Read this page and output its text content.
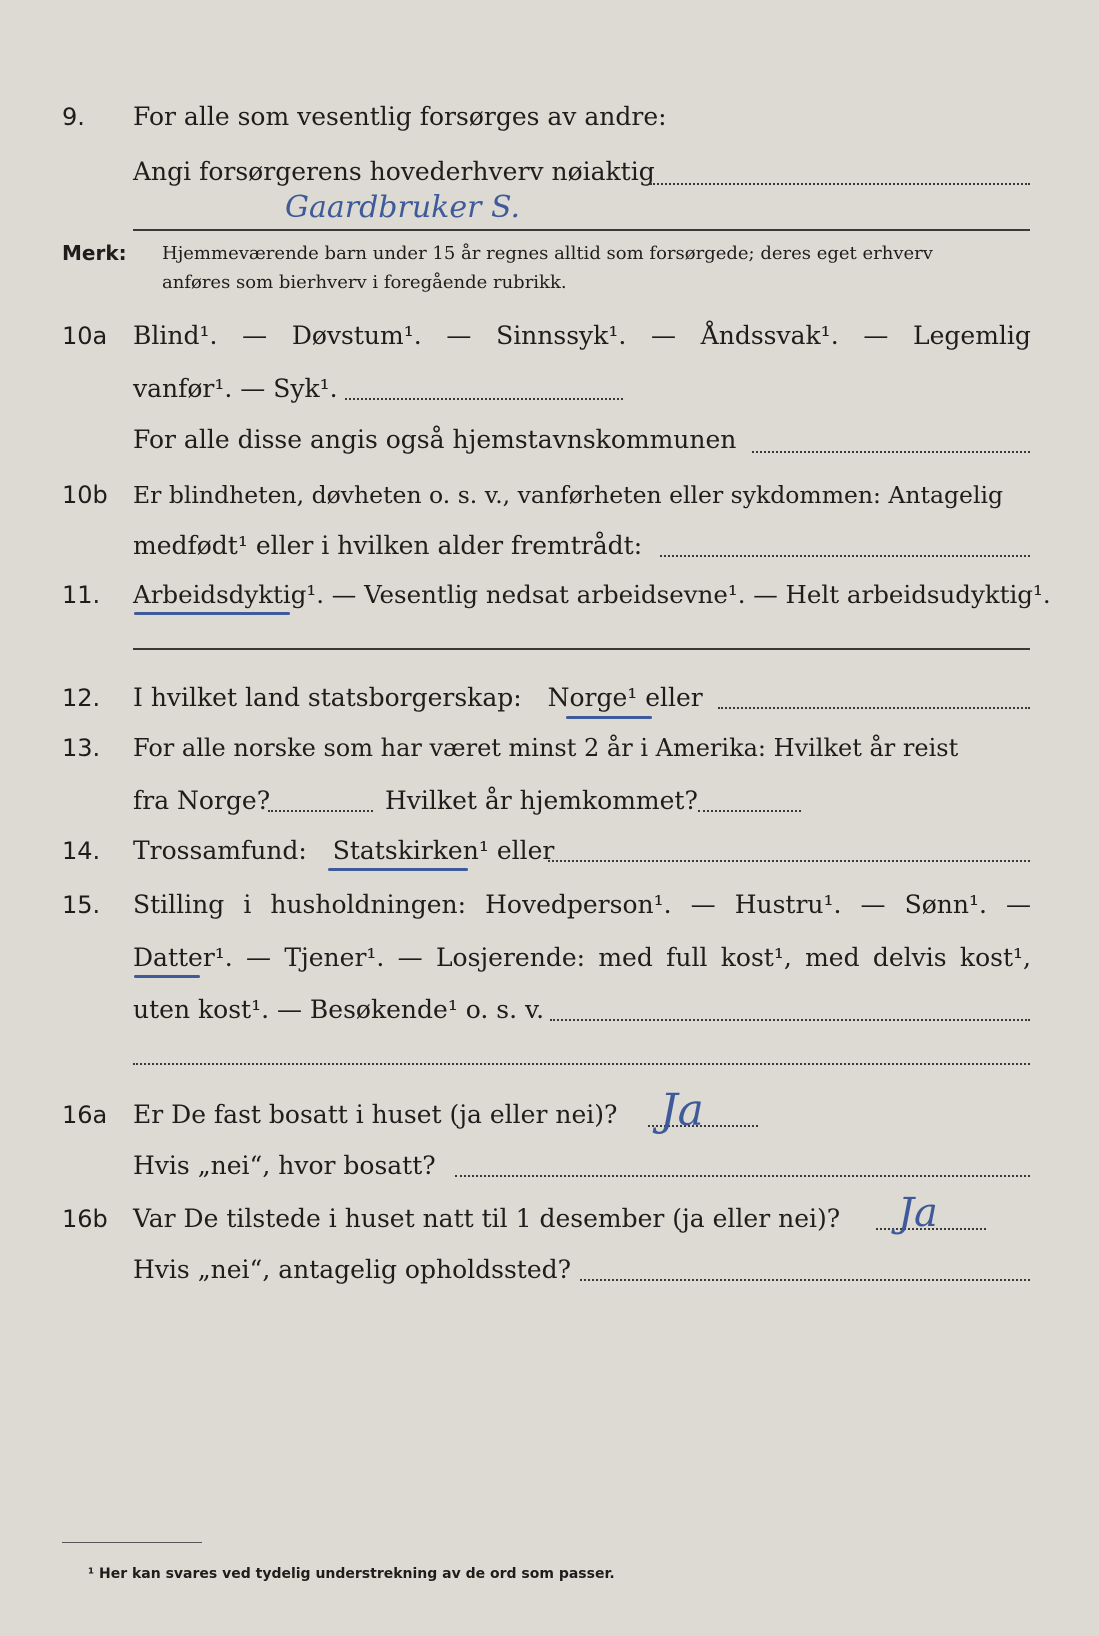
9.	For alle som vesentlig forsørges av andre:
Angi forsørgerens hovederhverv nøiaktig
Gaardbruker S.
Merk: Hjemmeværende barn under 15 år regnes alltid som forsørgede; deres eget erhverv
anføres som bierhverv i foregående rubrikk.
10a	Blind¹. — Døvstum¹. — Sinnssyk¹. — Åndssvak¹. — Legemlig
vanfør¹. — Syk¹.
For alle disse angis også hjemstavnskommunen
10b	Er blindheten, døvheten o. s. v., vanførheten eller sykdommen: Antagelig
medfødt¹ eller i hvilken alder fremtrådt:
11.	Arbeidsdyktig¹. — Vesentlig nedsat arbeidsevne¹. — Helt arbeidsudyktig¹.
12.	I hvilket land statsborgerskap: Norge¹ eller
13.	For alle norske som har været minst 2 år i Amerika: Hvilket år reist
fra Norge?	Hvilket år hjemkommet?
14.	Trossamfund: Statskirken¹ eller
15.	Stilling i husholdningen: Hovedperson¹. — Hustru¹. — Sønn¹. —
Datter¹. — Tjener¹. — Losjerende: med full kost¹, med delvis kost¹,
uten kost¹. — Besøkende¹ o. s. v.
16a	Er De fast bosatt i huset (ja eller nei)? Ja
Hvis „nei“, hvor bosatt?
16b	Var De tilstede i huset natt til 1 desember (ja eller nei)? Ja
Hvis „nei“, antagelig opholdssted?
¹ Her kan svares ved tydelig understrekning av de ord som passer.
